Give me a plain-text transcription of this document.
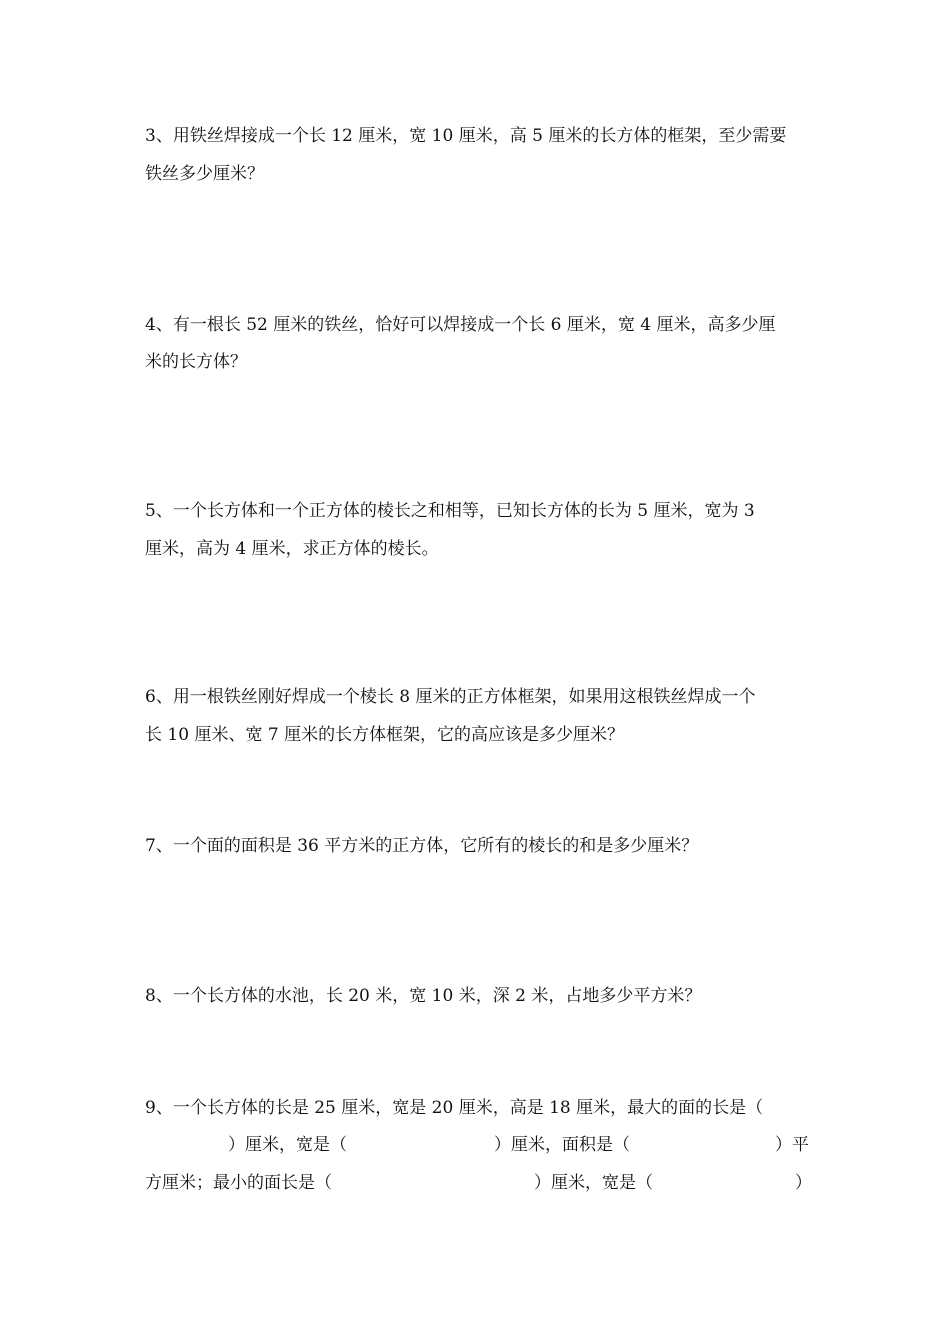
3、用铁丝焊接成一个长 12 厘米，宽 10 厘米，高 5 厘米的长方体的框架，至少需要
铁丝多少厘米？
4、有一根长 52 厘米的铁丝，恰好可以焊接成一个长 6 厘米，宽 4 厘米，高多少厘
米的长方体？
5、一个长方体和一个正方体的棱长之和相等，已知长方体的长为 5 厘米，宽为 3
厘米，高为 4 厘米，求正方体的棱长。
6、用一根铁丝刚好焊成一个棱长 8 厘米的正方体框架，如果用这根铁丝焊成一个
长 10 厘米、宽 7 厘米的长方体框架，它的高应该是多少厘米？
7、一个面的面积是 36 平方米的正方体，它所有的棱长的和是多少厘米？
8、一个长方体的水池，长 20 米，宽 10 米，深 2 米，占地多少平方米？
9、一个长方体的长是 25 厘米，宽是 20 厘米，高是 18 厘米，最大的面的长是（
）厘米，宽是（	）厘米，面积是（	）平
方厘米；最小的面长是（	）厘米，宽是（	）
